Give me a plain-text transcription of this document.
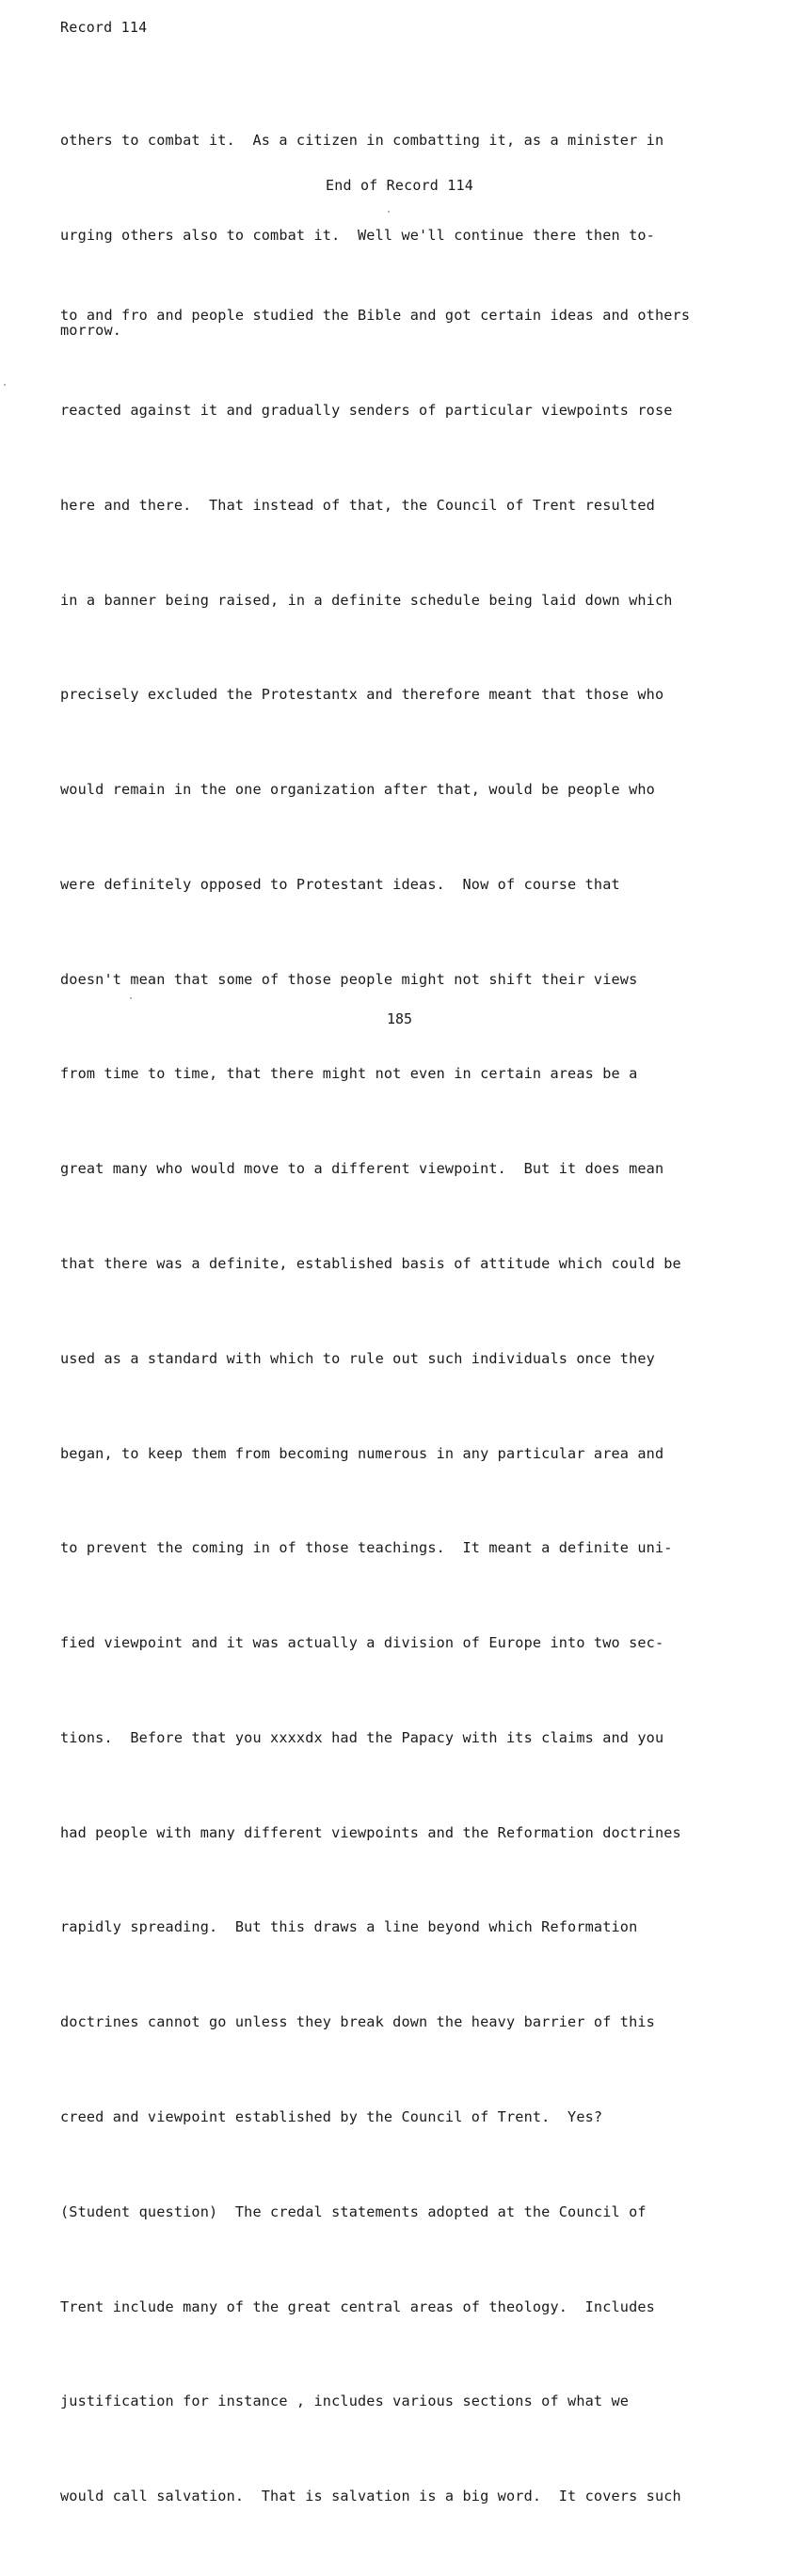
Record 114

others to combat it.  As a citizen in combatting it, as a minister in

urging others also to combat it.  Well we'll continue there then to-

morrow.

End of Record 114

to and fro and people studied the Bible and got certain ideas and others

reacted against it and gradually senders of particular viewpoints rose

here and there.  That instead of that, the Council of Trent resulted

in a banner being raised, in a definite schedule being laid down which

precisely excluded the Protestantx and therefore meant that those who

would remain in the one organization after that, would be people who

were definitely opposed to Protestant ideas.  Now of course that

doesn't mean that some of those people might not shift their views

from time to time, that there might not even in certain areas be a

great many who would move to a different viewpoint.  But it does mean

that there was a definite, established basis of attitude which could be

used as a standard with which to rule out such individuals once they

began, to keep them from becoming numerous in any particular area and

to prevent the coming in of those teachings.  It meant a definite uni-

fied viewpoint and it was actually a division of Europe into two sec-

tions.  Before that you xxxxdx had the Papacy with its claims and you

had people with many different viewpoints and the Reformation doctrines

rapidly spreading.  But this draws a line beyond which Reformation

doctrines cannot go unless they break down the heavy barrier of this

creed and viewpoint established by the Council of Trent.  Yes?

(Student question)  The credal statements adopted at the Council of

Trent include many of the great central areas of theology.  Includes

justification for instance , includes various sections of what we

would call salvation.  That is salvation is a big word.  It covers such

185
